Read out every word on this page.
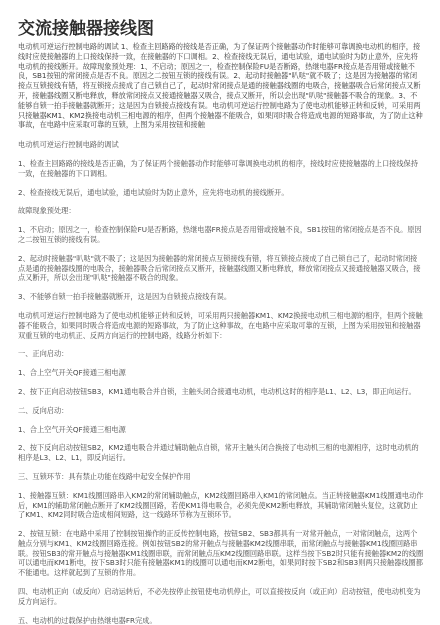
交流接触器接线图

电动机可逆运行控制电路的调试 1、检查主回路路的接线是否正确，为了保证两个接触器动作时能够可靠调换电动机的相序，接线时应使接触器的上口接线保持一致，在接触器的下口调相。2、检查接线无误后，通电试验，通电试验时为防止意外，应先将电动机的接线断开。故障现象预处理：1、不启动；原因之一，检查控制保险FU是否断路，热继电器FR接点是否用错或接触不良，SB1按钮的常闭接点是否不良。原因之二按钮互锁的接线有误。2、起动时接触器"叭哒"就不吸了；这是因为接触器的常闭接点互锁接线有错，将互锁接点接成了自己锁自己了，起动时常闭接点是通的接触器线圈的电吸合，接触器吸合后常闭接点又断开，接触器线圈又断电释放，释放常闭接点又接通接触器又吸合，接点又断开，所以会出现"叭哒"接触器不吸合的现象。3、不能够自锁一拍手接触器就断开；这是因为自锁接点接线有误。电动机可逆运行控制电路为了使电动机能够正转和反转，可采用两只接触器KM1、KM2换接电动机三相电源的相序，但两个接触器不能吸合，如果同时吸合将造成电源的短路事故，为了防止这种事故，在电路中应采取可靠的互锁，上图为采用按钮和接触

电动机可逆运行控制电路的调试

1、检查主回路路的接线是否正确，为了保证两个接触器动作时能够可靠调换电动机的相序，接线时应使接触器的上口接线保持一致，在接触器的下口调相。

2、检查接线无误后，通电试验，通电试验时为防止意外，应先将电动机的接线断开。

故障现象预处理：

1、不启动；原因之一，检查控制保险FU是否断路，热继电器FR接点是否用错或接触不良，SB1按钮的常闭接点是否不良。原因之二按钮互锁的接线有误。

2、起动时接触器"叭哒"就不吸了；这是因为接触器的常闭接点互锁接线有错，将互锁接点接成了自己锁自己了，起动时常闭接点是通的接触器线圈的电吸合，接触器吸合后常闭接点又断开，接触器线圈又断电释放，释放常闭接点又接通接触器又吸合，接点又断开，所以会出现"叭哒"接触器不吸合的现象。

3、不能够自锁一拍手接触器就断开，这是因为自锁接点接线有误。

电动机可逆运行控制电路为了使电动机能够正转和反转，可采用两只接触器KM1、KM2换接电动机三相电源的相序，但两个接触器不能吸合，如果同时吸合将造成电源的短路事故，为了防止这种事故，在电路中应采取可靠的互锁，上图为采用按钮和接触器双重互锁的电动机正、反两方向运行的控制电路，线路分析如下：

一、正向启动：

1、合上空气开关QF接通三相电源

2、按下正向启动按钮SB3，KM1通电吸合并自锁，主触头闭合接通电动机，电动机这时的相序是L1、L2、L3，即正向运行。

二、反向启动：

1、合上空气开关QF接通三相电源

2、按下反向启动按钮SB2，KM2通电吸合并通过辅助触点自锁，常开主触头闭合换接了电动机三相的电源相序，这时电动机的相序是L3、L2、L1，即反向运行。

三、互锁环节：具有禁止功能在线路中起安全保护作用

1、接触器互锁：KM1线圈回路串入KM2的常闭辅助触点，KM2线圈回路串入KM1的常闭触点。当正转接触器KM1线圈通电动作后，KM1的辅助常闭触点断开了KM2线圈回路，若使KM1得电吸合，必须先使KM2断电释放，其辅助常闭触头复位，这就防止了KM1、KM2同时吸合造成相间短路，这一线路环节称为互锁环节。

2、按钮互锁：在电路中采用了控制按钮操作的正反传控制电路，按钮SB2、SB3都具有一对常开触点，一对常闭触点，这两个触点分别与KM1、KM2线圈回路连接。例如按钮SB2的常开触点与接触器KM2线圈串联，而常闭触点与接触器KM1线圈回路串联。按钮SB3的常开触点与接触器KM1线圈串联，而常闭触点压KM2线圈回路串联。这样当按下SB2时只能有接触器KM2的线圈可以通电而KM1断电，按下SB3时只能有接触器KM1的线圈可以通电而KM2断电，如果同时按下SB2和SB3则两只接触器线圈都不能通电。这样就起到了互锁的作用。

四、电动机正向（或反向）启动运转后，不必先按停止按钮使电动机停止，可以直接按反向（或正向）启动按钮，使电动机变为反方向运行。

五、电动机的过载保护由热继电器FR完成。
